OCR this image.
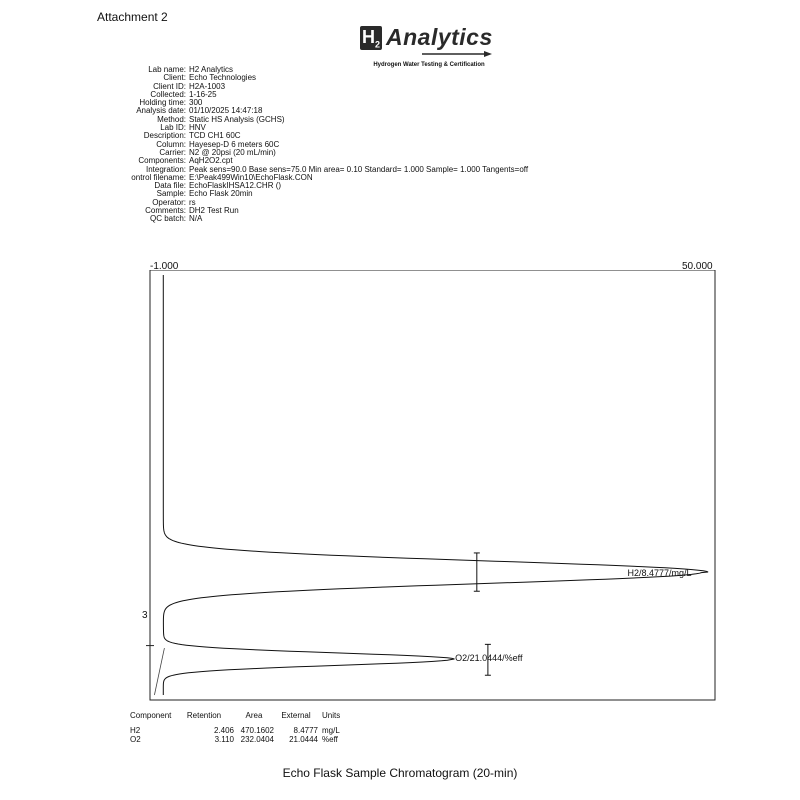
Attachment 2
$H_2$ Analytics
Hydrogen Water Testing & Certification
Lab name: H2 Analytics
Client: Echo Technologies
Client ID: H2A-1003
Collected: 1-16-25
Holding time: 300
Analysis date: 01/10/2025 14:47:18
Method: Static HS Analysis (GCHS)
Lab ID: HNV
Description: TCD CH1 60C
Column: Hayesep-D 6 meters 60C
Carrier: N2 @ 20psi (20 mL/min)
Components: AqH2O2.cpt
Integration: Peak sens=90.0 Base sens=75.0 Min area= 0.10 Standard= 1.000 Sample= 1.000 Tangents=off
ontrol filename: E:\Peak499Win10\EchoFlask.CON
Data file: EchoFlaskIHSA12.CHR ()
Sample: Echo Flask 20min
Operator: rs
Comments: DH2 Test Run
QC batch: N/A
-1.000	50.000
3
H2/8.4777/mg/L
O2/21.0444/%eff
Component	Retention	Area	External	Units
H2	2.406 470.1602	8.4777 mg/L
O2	3.110 232.0404	21.0444 %eff
Echo Flask Sample Chromatogram (20-min)
